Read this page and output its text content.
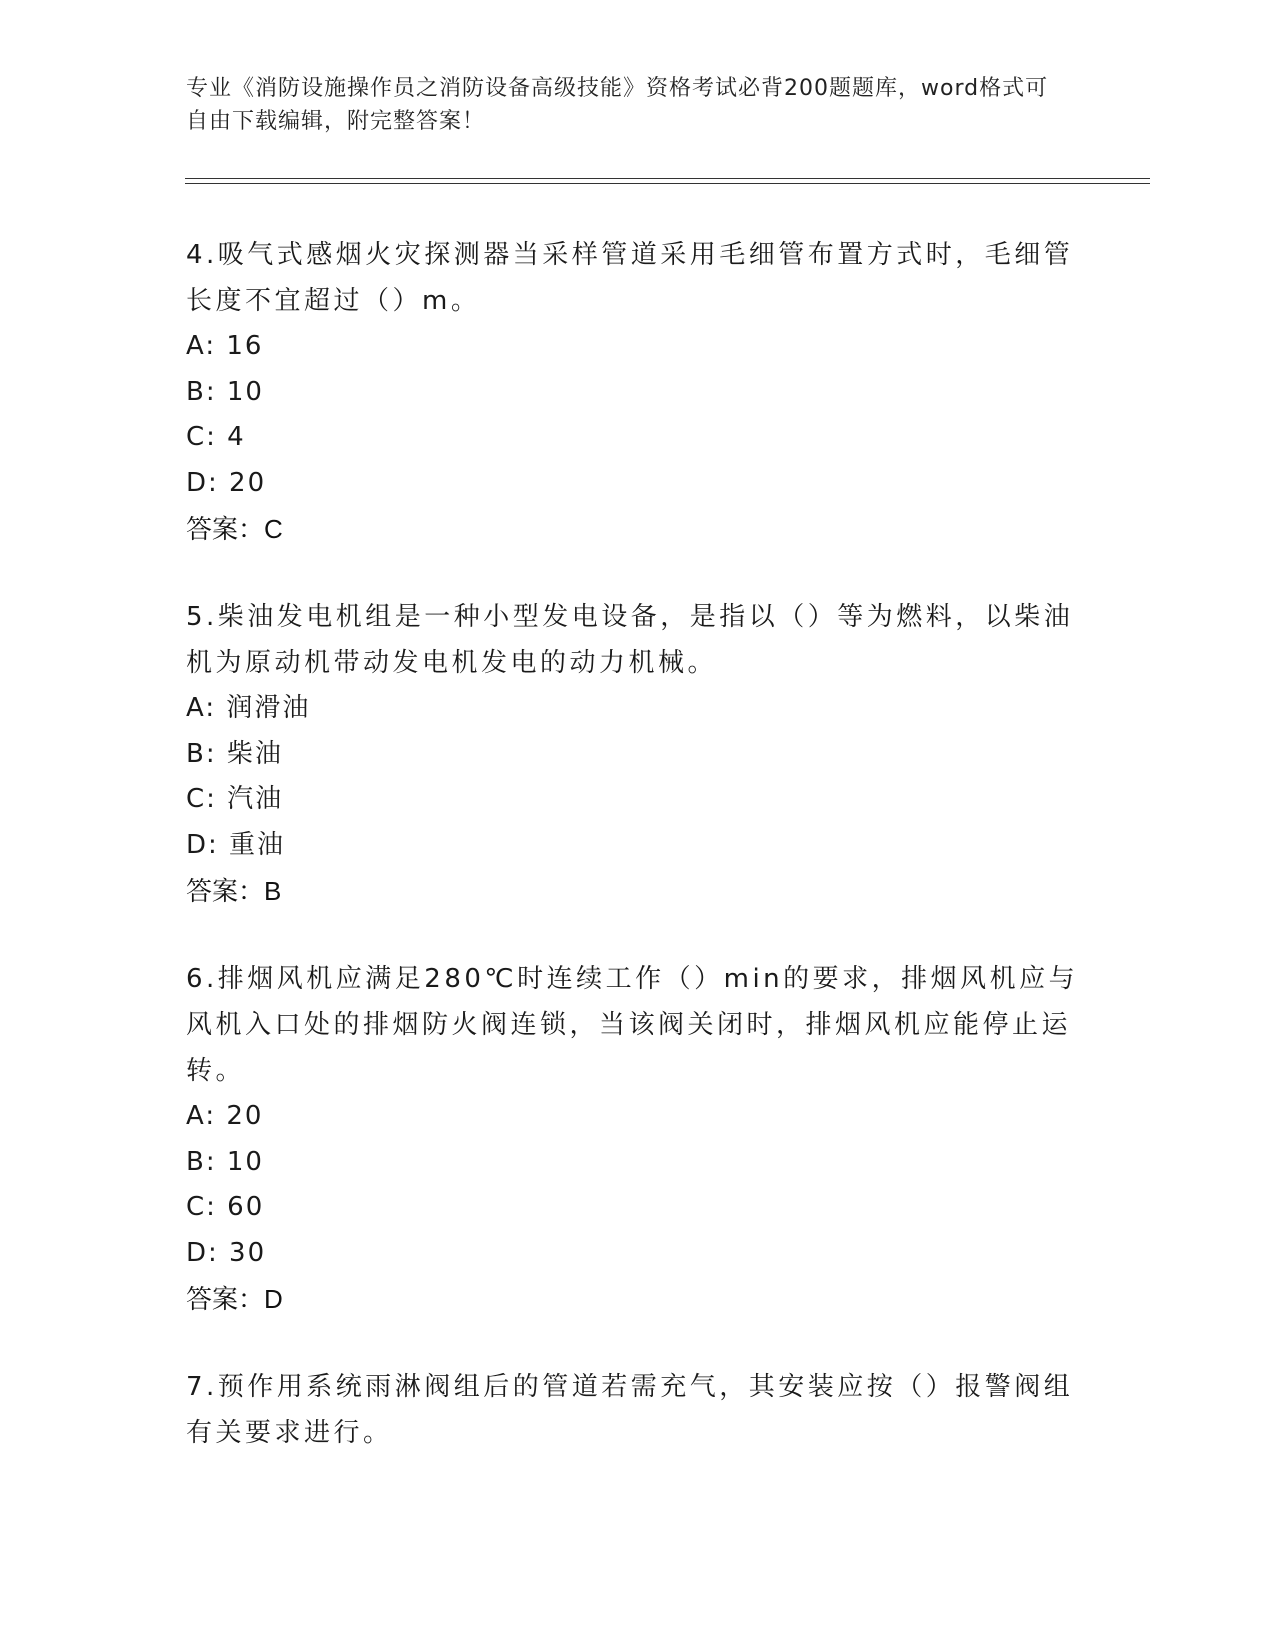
专业《消防设施操作员之消防设备高级技能》资格考试必背200题题库，word格式可自由下载编辑，附完整答案！
4.吸气式感烟火灾探测器当采样管道采用毛细管布置方式时，毛细管长度不宜超过（）m。
A: 16
B: 10
C: 4
D: 20
答案：C
5.柴油发电机组是一种小型发电设备，是指以（）等为燃料，以柴油机为原动机带动发电机发电的动力机械。
A: 润滑油
B: 柴油
C: 汽油
D: 重油
答案：B
6.排烟风机应满足280℃时连续工作（）min的要求，排烟风机应与风机入口处的排烟防火阀连锁，当该阀关闭时，排烟风机应能停止运转。
A: 20
B: 10
C: 60
D: 30
答案：D
7.预作用系统雨淋阀组后的管道若需充气，其安装应按（）报警阀组有关要求进行。
